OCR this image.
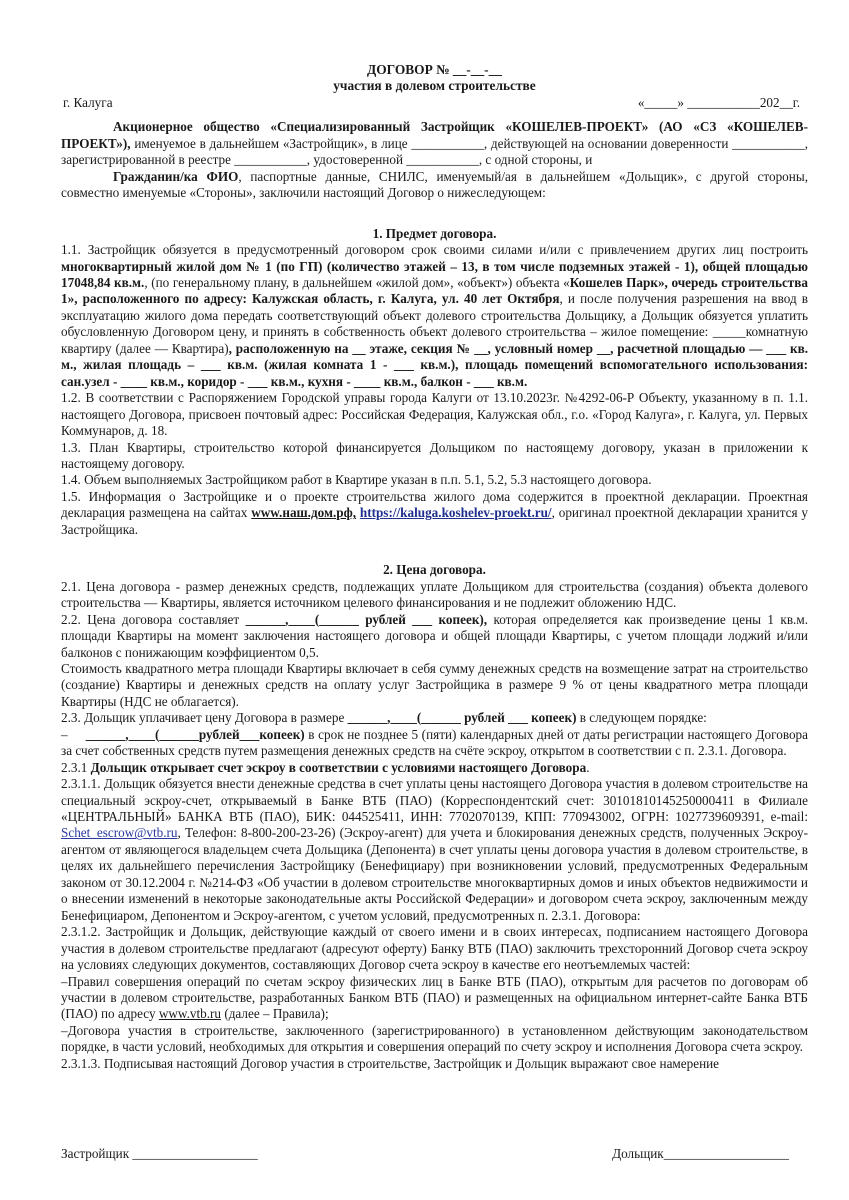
ДОГОВОР № __-__-__
участия в долевом строительстве
г. Калуга	«_____» ___________202__г.

Акционерное общество «Специализированный Застройщик «КОШЕЛЕВ-ПРОЕКТ» (АО «СЗ «КОШЕЛЕВ-ПРОЕКТ»), именуемое в дальнейшем «Застройщик», в лице ___________, действующей на основании доверенности ___________, зарегистрированной в реестре ___________, удостоверенной ___________, с одной стороны, и

Гражданин/ка ФИО, паспортные данные, СНИЛС, именуемый/ая в дальнейшем «Дольщик», с другой стороны, совместно именуемые «Стороны», заключили настоящий Договор о нижеследующем:

1. Предмет договора.

1.1. Застройщик обязуется в предусмотренный договором срок своими силами и/или с привлечением других лиц построить многоквартирный жилой дом № 1 (по ГП) (количество этажей – 13, в том числе подземных этажей - 1), общей площадью 17048,84 кв.м., (по генеральному плану, в дальнейшем «жилой дом», «объект») объекта «Кошелев Парк», очередь строительства 1», расположенного по адресу: Калужская область, г. Калуга, ул. 40 лет Октября, и после получения разрешения на ввод в эксплуатацию жилого дома передать соответствующий объект долевого строительства Дольщику, а Дольщик обязуется уплатить обусловленную Договором цену, и принять в собственность объект долевого строительства – жилое помещение: _____комнатную квартиру (далее — Квартира), расположенную на __ этаже, секция № __, условный номер __, расчетной площадью — ___ кв. м., жилая площадь – ___ кв.м. (жилая комната 1 - ___ кв.м.), площадь помещений вспомогательного использования: сан.узел - ____ кв.м., коридор - ___ кв.м., кухня - ____ кв.м., балкон - ___ кв.м.

1.2. В соответствии с Распоряжением Городской управы города Калуги от 13.10.2023г. №4292-06-Р Объекту, указанному в п. 1.1. настоящего Договора, присвоен почтовый адрес: Российская Федерация, Калужская обл., г.о. «Город Калуга», г. Калуга, ул. Первых Коммунаров, д. 18.

1.3. План Квартиры, строительство которой финансируется Дольщиком по настоящему договору, указан в приложении к настоящему договору.

1.4. Объем выполняемых Застройщиком работ в Квартире указан в п.п. 5.1, 5.2, 5.3 настоящего договора.

1.5. Информация о Застройщике и о проекте строительства жилого дома содержится в проектной декларации. Проектная декларация размещена на сайтах www.наш.дом.рф, https://kaluga.koshelev-proekt.ru/, оригинал проектной декларации хранится у Застройщика.

2. Цена договора.

2.1. Цена договора - размер денежных средств, подлежащих уплате Дольщиком для строительства (создания) объекта долевого строительства — Квартиры, является источником целевого финансирования и не подлежит обложению НДС.

2.2. Цена договора составляет ______,____(______ рублей ___ копеек), которая определяется как произведение цены 1 кв.м. площади Квартиры на момент заключения настоящего договора и общей площади Квартиры, с учетом площади лоджий и/или балконов с понижающим коэффициентом 0,5.

Стоимость квадратного метра площади Квартиры включает в себя сумму денежных средств на возмещение затрат на строительство (создание) Квартиры и денежных средств на оплату услуг Застройщика в размере 9 % от цены квадратного метра площади Квартиры (НДС не облагается).

2.3. Дольщик уплачивает цену Договора в размере ______,____(______ рублей ___ копеек) в следующем порядке:

– ______,____(______рублей___копеек) в срок не позднее 5 (пяти) календарных дней от даты регистрации настоящего Договора за счет собственных средств путем размещения денежных средств на счёте эскроу, открытом в соответствии с п. 2.3.1. Договора.

2.3.1 Дольщик открывает счет эскроу в соответствии с условиями настоящего Договора.

2.3.1.1. Дольщик обязуется внести денежные средства в счет уплаты цены настоящего Договора участия в долевом строительстве на специальный эскроу-счет, открываемый в Банке ВТБ (ПАО) (Корреспондентский счет: 30101810145250000411 в Филиале «ЦЕНТРАЛЬНЫЙ» БАНКА ВТБ (ПАО), БИК: 044525411, ИНН: 7702070139, КПП: 770943002, ОГРН: 1027739609391, e-mail: Schet_escrow@vtb.ru, Телефон: 8-800-200-23-26) (Эскроу-агент) для учета и блокирования денежных средств, полученных Эскроу-агентом от являющегося владельцем счета Дольщика (Депонента) в счет уплаты цены договора участия в долевом строительстве, в целях их дальнейшего перечисления Застройщику (Бенефициару) при возникновении условий, предусмотренных Федеральным законом от 30.12.2004 г. №214-ФЗ «Об участии в долевом строительстве многоквартирных домов и иных объектов недвижимости и о внесении изменений в некоторые законодательные акты Российской Федерации» и договором счета эскроу, заключенным между Бенефициаром, Депонентом и Эскроу-агентом, с учетом условий, предусмотренных п. 2.3.1. Договора:

2.3.1.2. Застройщик и Дольщик, действующие каждый от своего имени и в своих интересах, подписанием настоящего Договора участия в долевом строительстве предлагают (адресуют оферту) Банку ВТБ (ПАО) заключить трехсторонний Договор счета эскроу на условиях следующих документов, составляющих Договор счета эскроу в качестве его неотъемлемых частей:

–Правил совершения операций по счетам эскроу физических лиц в Банке ВТБ (ПАО), открытым для расчетов по договорам об участии в долевом строительстве, разработанных Банком ВТБ (ПАО) и размещенных на официальном интернет-сайте Банка ВТБ (ПАО) по адресу www.vtb.ru (далее – Правила);

–Договора участия в строительстве, заключенного (зарегистрированного) в установленном действующим законодательством порядке, в части условий, необходимых для открытия и совершения операций по счету эскроу и исполнения Договора счета эскроу.

2.3.1.3. Подписывая настоящий Договор участия в строительстве, Застройщик и Дольщик выражают свое намерение

Застройщик ___________________	Дольщик___________________
